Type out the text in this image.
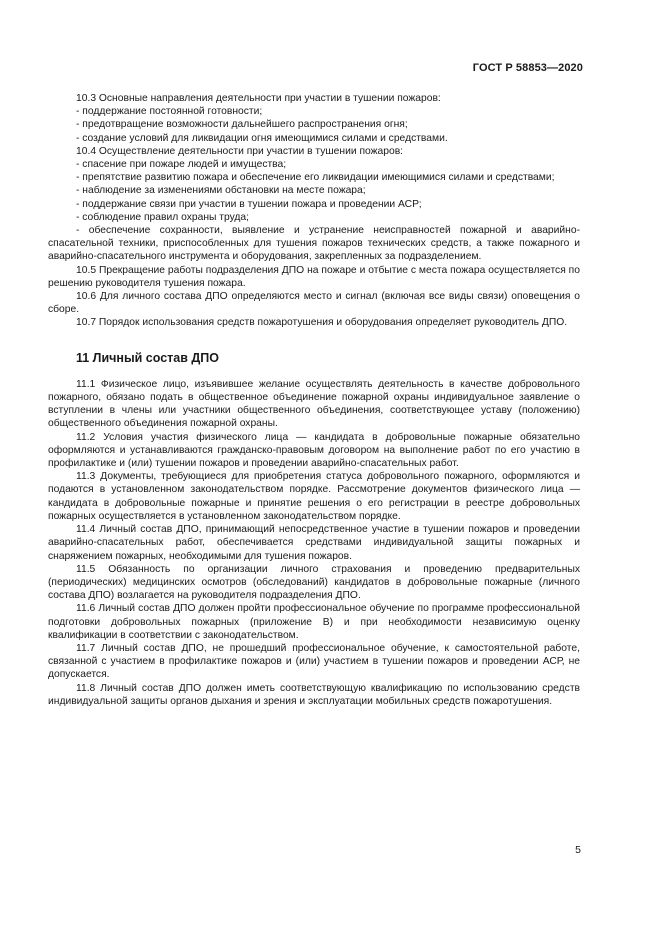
ГОСТ Р 58853—2020

10.3 Основные направления деятельности при участии в тушении пожаров:

- поддержание постоянной готовности;

- предотвращение возможности дальнейшего распространения огня;

- создание условий для ликвидации огня имеющимися силами и средствами.

10.4 Осуществление деятельности при участии в тушении пожаров:

- спасение при пожаре людей и имущества;

- препятствие развитию пожара и обеспечение его ликвидации имеющимися силами и средствами;

- наблюдение за изменениями обстановки на месте пожара;

- поддержание связи при участии в тушении пожара и проведении АСР;

- соблюдение правил охраны труда;

- обеспечение сохранности, выявление и устранение неисправностей пожарной и аварийно-спасательной техники, приспособленных для тушения пожаров технических средств, а также пожарного и аварийно-спасательного инструмента и оборудования, закрепленных за подразделением.

10.5 Прекращение работы подразделения ДПО на пожаре и отбытие с места пожара осуществляется по решению руководителя тушения пожара.

10.6 Для личного состава ДПО определяются место и сигнал (включая все виды связи) оповещения о сборе.

10.7 Порядок использования средств пожаротушения и оборудования определяет руководитель ДПО.

11 Личный состав ДПО

11.1 Физическое лицо, изъявившее желание осуществлять деятельность в качестве добровольного пожарного, обязано подать в общественное объединение пожарной охраны индивидуальное заявление о вступлении в члены или участники общественного объединения, соответствующее уставу (положению) общественного объединения пожарной охраны.

11.2 Условия участия физического лица — кандидата в добровольные пожарные обязательно оформляются и устанавливаются гражданско-правовым договором на выполнение работ по его участию в профилактике и (или) тушении пожаров и проведении аварийно-спасательных работ.

11.3 Документы, требующиеся для приобретения статуса добровольного пожарного, оформляются и подаются в установленном законодательством порядке. Рассмотрение документов физического лица — кандидата в добровольные пожарные и принятие решения о его регистрации в реестре добровольных пожарных осуществляется в установленном законодательством порядке.

11.4 Личный состав ДПО, принимающий непосредственное участие в тушении пожаров и проведении аварийно-спасательных работ, обеспечивается средствами индивидуальной защиты пожарных и снаряжением пожарных, необходимыми для тушения пожаров.

11.5 Обязанность по организации личного страхования и проведению предварительных (периодических) медицинских осмотров (обследований) кандидатов в добровольные пожарные (личного состава ДПО) возлагается на руководителя подразделения ДПО.

11.6 Личный состав ДПО должен пройти профессиональное обучение по программе профессиональной подготовки добровольных пожарных (приложение В) и при необходимости независимую оценку квалификации в соответствии с законодательством.

11.7 Личный состав ДПО, не прошедший профессиональное обучение, к самостоятельной работе, связанной с участием в профилактике пожаров и (или) участием в тушении пожаров и проведении АСР, не допускается.

11.8 Личный состав ДПО должен иметь соответствующую квалификацию по использованию средств индивидуальной защиты органов дыхания и зрения и эксплуатации мобильных средств пожаротушения.

5
